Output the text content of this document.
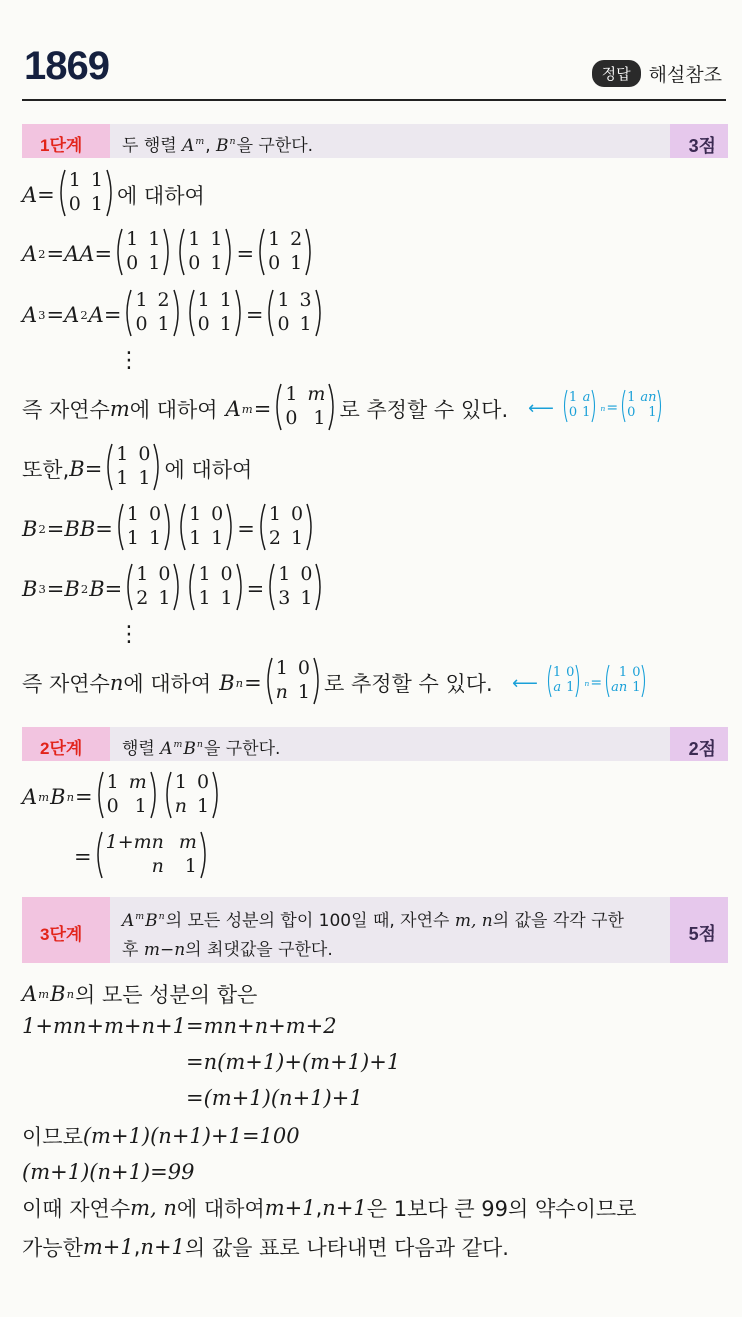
1869	정답 해설참조
1단계 두 행렬 $A^m$, $B^n$을 구한다.	3점
A =
1 1
0 1 에 대하여
A 2 = AA =
1 1
0 1
1 1
0 1 =
1 2
0 1
A 3 = A 2 A =
1 2
0 1
1 1
0 1 =
1 3
0 1
⋮
즉 자연수 m 에 대하여 A m =
1 m
0 1 로 추정할 수 있다. ⟵ 1 a
0 1 n =
1 an
0 1
또한, B =
1 0
1 1 에 대하여
B 2 = BB =
1 0
1 1
1 0
1 1 =
1 0
2 1
B 3 = B 2 B =
1 0
2 1
1 0
1 1 =
1 0
3 1
⋮
즉 자연수 n 에 대하여 B n =
1 0
n 1 로 추정할 수 있다. ⟵ 1 0
a 1 n =
1 0
an 1
2단계 행렬 $A^mB^n$을 구한다.	2점
A m B n =
1 m
0 1
1 0
n 1
=
1+mn m
n	1
3단계
$A^mB^n$의 모든 성분의 합이 100일 때, 자연수 m, n의 값을 각각 구한
후 m−n의 최댓값을 구한다.
5점
A m B n 의 모든 성분의 합은
1+mn+m+n+1=mn+n+m+2
=n(m+1)+(m+1)+1
=(m+1)(n+1)+1
이므로 (m+1)(n+1)+1=100
(m+1)(n+1)=99
이때 자연수 m, n 에 대하여 m+1 , n+1 은 1보다 큰 99의 약수이므로
가능한 m+1 , n+1 의 값을 표로 나타내면 다음과 같다.
